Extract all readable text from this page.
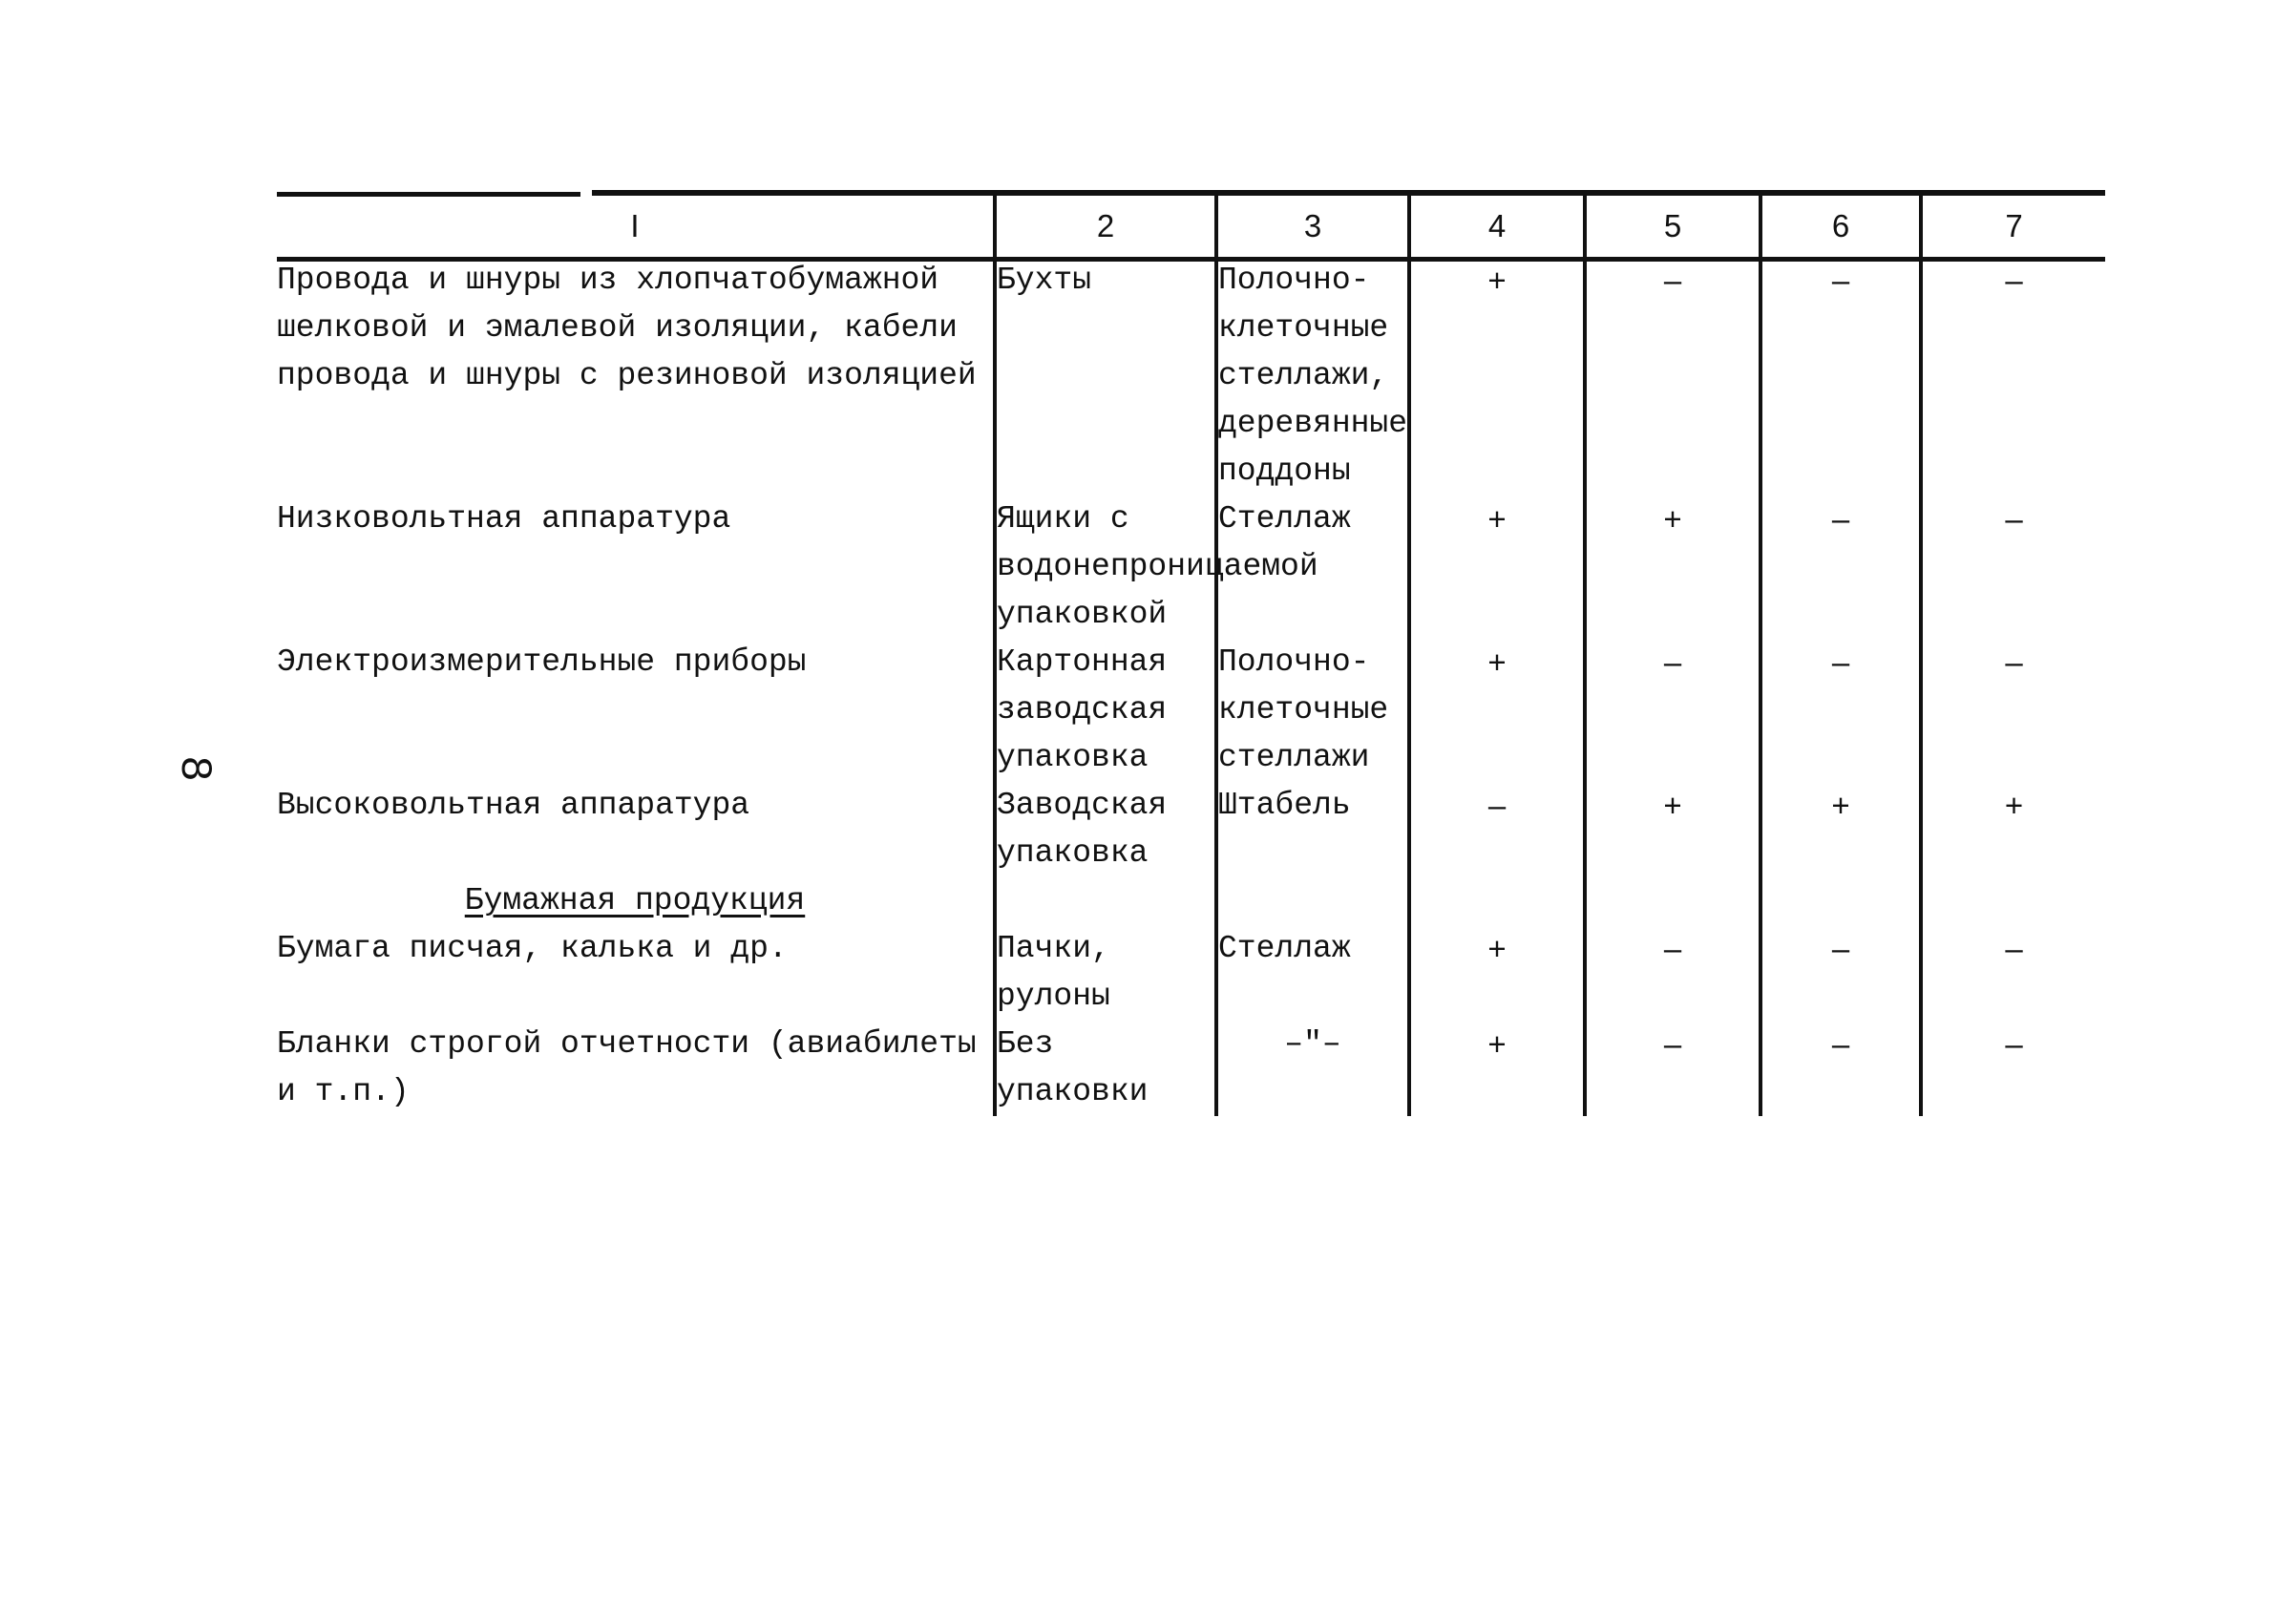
8
I	2	3	4	5	6	7
Провода и шнуры из хлопчатобумажной шелковой и эмалевой изоляции, кабели провода и шнуры с резиновой изоляцией	Бухты	Полочно-клеточные стеллажи, деревянные поддоны	+	–	–	–
Низковольтная аппаратура	Ящики с водонепроницаемой упаковкой	Стеллаж	+	+	–	–
Электроизмерительные приборы	Картонная заводская упаковка	Полочно-клеточные стеллажи	+	–	–	–
Высоковольтная аппаратура	Заводская упаковка	Штабель	–	+	+	+
Бумажная продукция						
Бумага писчая, калька и др.	Пачки, рулоны	Стеллаж	+	–	–	–
Бланки строгой отчетности (авиабилеты и т.п.)	Без упаковки	–"–	+	–	–	–
